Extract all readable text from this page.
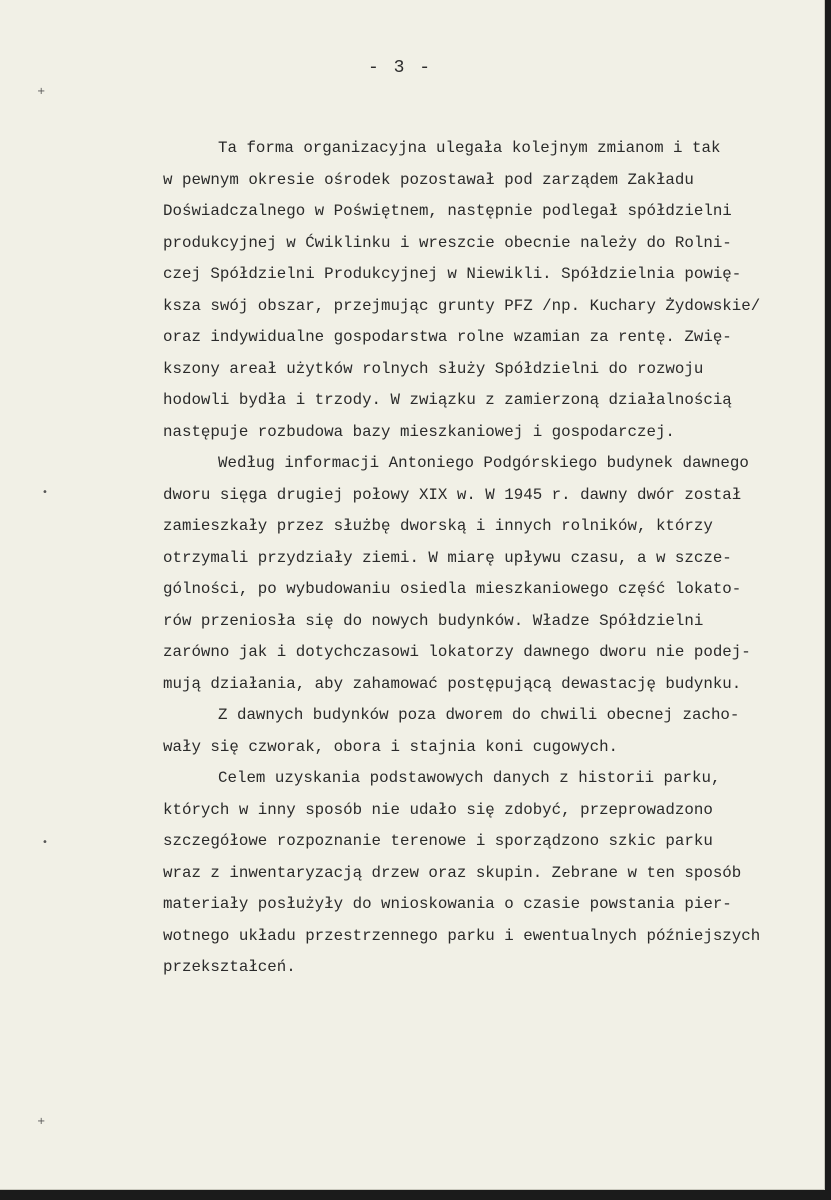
- 3 -
+
•
•
+
Ta forma organizacyjna ulegała kolejnym zmianom i tak
w pewnym okresie ośrodek pozostawał pod zarządem Zakładu
Doświadczalnego w Poświętnem, następnie podlegał spółdzielni
produkcyjnej w Ćwiklinku i wreszcie obecnie należy do Rolni-
czej Spółdzielni Produkcyjnej w Niewikli. Spółdzielnia powię-
ksza swój obszar, przejmując grunty PFZ /np. Kuchary Żydowskie/
oraz indywidualne gospodarstwa rolne wzamian za rentę. Zwię-
kszony areał użytków rolnych służy Spółdzielni do rozwoju
hodowli bydła i trzody. W związku z zamierzoną działalnością
następuje rozbudowa bazy mieszkaniowej i gospodarczej.
Według informacji Antoniego Podgórskiego budynek dawnego
dworu sięga drugiej połowy XIX w. W 1945 r. dawny dwór został
zamieszkały przez służbę dworską i innych rolników, którzy
otrzymali przydziały ziemi. W miarę upływu czasu, a w szcze-
gólności, po wybudowaniu osiedla mieszkaniowego część lokato-
rów przeniosła się do nowych budynków. Władze Spółdzielni
zarówno jak i dotychczasowi lokatorzy dawnego dworu nie podej-
mują działania, aby zahamować postępującą dewastację budynku.
Z dawnych budynków poza dworem do chwili obecnej zacho-
wały się czworak, obora i stajnia koni cugowych.
Celem uzyskania podstawowych danych z historii parku,
których w inny sposób nie udało się zdobyć, przeprowadzono
szczegółowe rozpoznanie terenowe i sporządzono szkic parku
wraz z inwentaryzacją drzew oraz skupin. Zebrane w ten sposób
materiały posłużyły do wnioskowania o czasie powstania pier-
wotnego układu przestrzennego parku i ewentualnych późniejszych
przekształceń.
